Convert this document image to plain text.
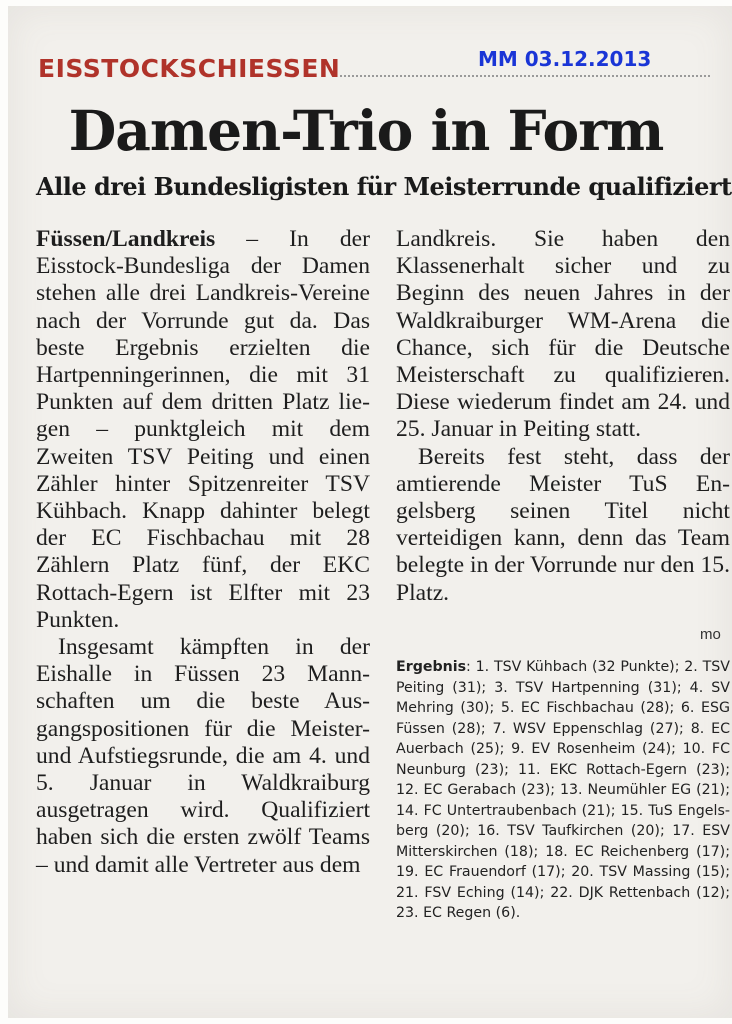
EISSTOCKSCHIESSEN	MM 03.12.2013
Damen-Trio in Form
Alle drei Bundesligisten für Meisterrunde qualifiziert

Füssen/Landkreis – In der Eisstock-Bundesliga der Damen stehen alle drei Landkreis-Vereine nach der Vorrunde gut da. Das beste Ergebnis erzielten die Hartpenningerinnen, die mit 31 Punkten auf dem dritten Platz liegen – punktgleich mit dem Zweiten TSV Peiting und einen Zähler hinter Spitzenreiter TSV Kühbach. Knapp dahinter belegt der EC Fischbachau mit 28 Zählern Platz fünf, der EKC Rottach-Egern ist Elfter mit 23 Punkten.

Insgesamt kämpften in der Eishalle in Füssen 23 Mannschaften um die beste Ausgangspositionen für die Meister- und Aufstiegsrunde, die am 4. und 5. Januar in Waldkraiburg ausgetragen wird. Qualifiziert haben sich die ersten zwölf Teams – und damit alle Vertreter aus dem

Landkreis. Sie haben den Klassenerhalt sicher und zu Beginn des neuen Jahres in der Waldkraiburger WM-Arena die Chance, sich für die Deutsche Meisterschaft zu qualifizieren. Diese wiederum findet am 24. und 25. Januar in Peiting statt.

Bereits fest steht, dass der amtierende Meister TuS Engelsberg seinen Titel nicht verteidigen kann, denn das Team belegte in der Vorrunde nur den 15. Platz.

mo
Ergebnis: 1. TSV Kühbach (32 Punkte); 2. TSV Peiting (31); 3. TSV Hartpenning (31); 4. SV Mehring (30); 5. EC Fischbachau (28); 6. ESG Füssen (28); 7. WSV Eppenschlag (27); 8. EC Auerbach (25); 9. EV Rosenheim (24); 10. FC Neunburg (23); 11. EKC Rottach-Egern (23); 12. EC Gerabach (23); 13. Neumühler EG (21); 14. FC Untertraubenbach (21); 15. TuS Engelsberg (20); 16. TSV Taufkirchen (20); 17. ESV Mitterskirchen (18); 18. EC Reichenberg (17); 19. EC Frauendorf (17); 20. TSV Massing (15); 21. FSV Eching (14); 22. DJK Rettenbach (12); 23. EC Regen (6).
